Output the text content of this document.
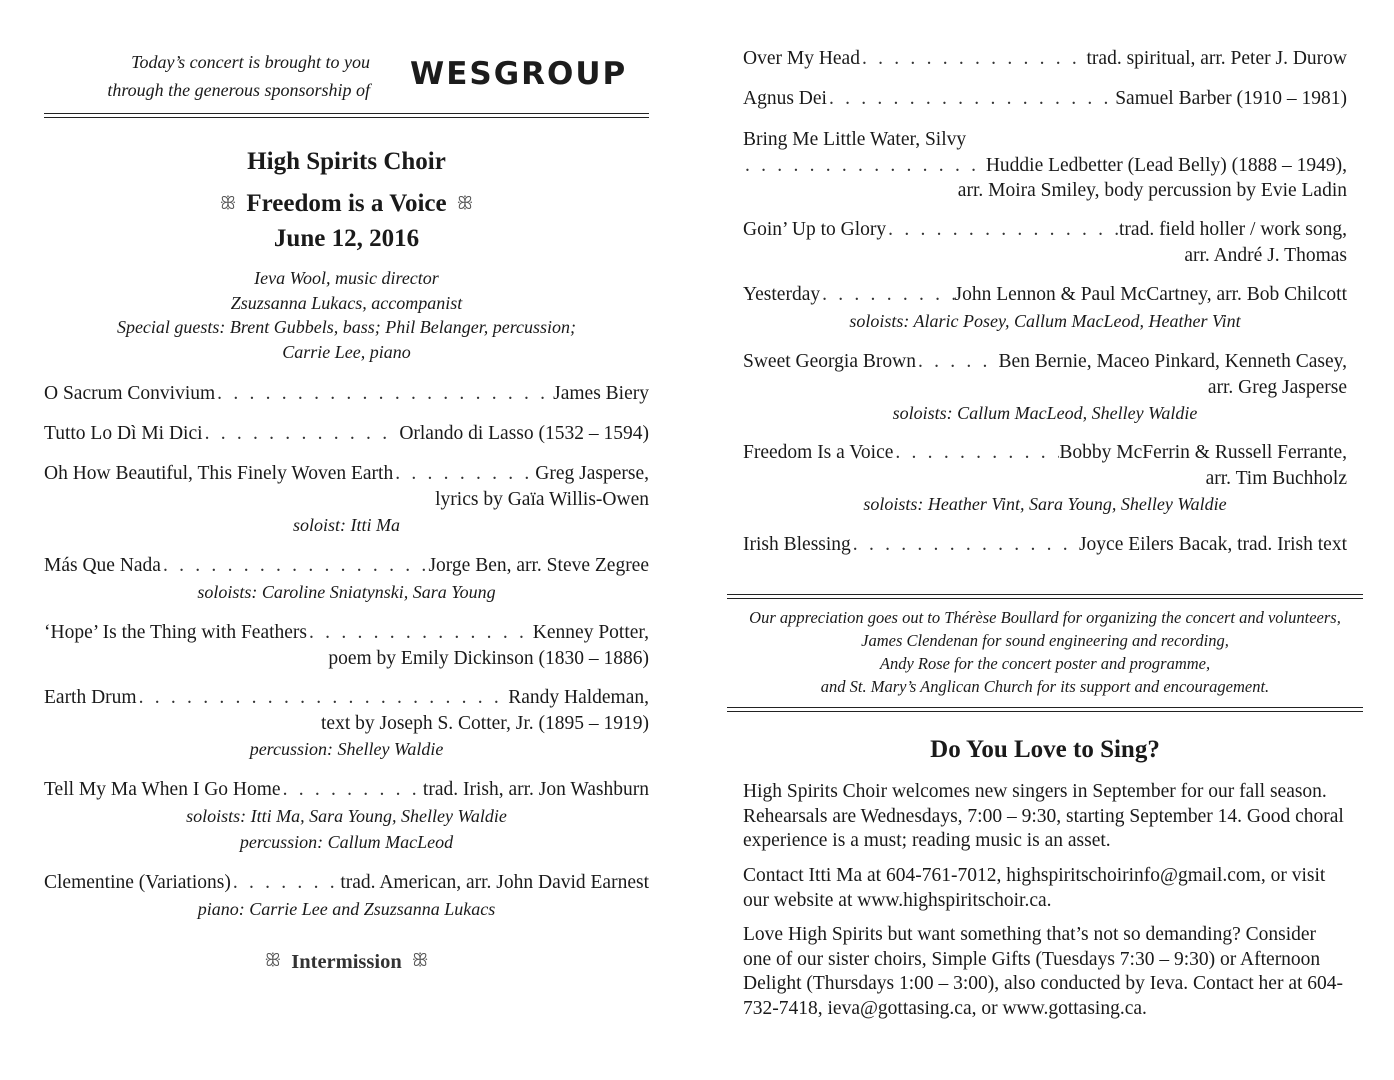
Today’s concert is brought to you
through the generous sponsorship of WESGROUP
High Spirits Choir
ꕥ Freedom is a Voice ꕥ
June 12, 2016
Ieva Wool, music director
Zsuzsanna Lukacs, accompanist
Special guests: Brent Gubbels, bass; Phil Belanger, percussion;
Carrie Lee, piano
O Sacrum Convivium . . .	James Biery
Tutto Lo Dì Mi Dici . . .	Orlando di Lasso (1532 – 1594)
Oh How Beautiful, This Finely Woven Earth . . .	Greg Jasperse,
lyrics by Gaïa Willis-Owen
soloist: Itti Ma
Más Que Nada . . .	Jorge Ben, arr. Steve Zegree
soloists: Caroline Sniatynski, Sara Young
‘Hope’ Is the Thing with Feathers . . .	Kenney Potter,
poem by Emily Dickinson (1830 – 1886)
Earth Drum . . .	Randy Haldeman,
text by Joseph S. Cotter, Jr. (1895 – 1919)
percussion: Shelley Waldie
Tell My Ma When I Go Home . . .	trad. Irish, arr. Jon Washburn
soloists: Itti Ma, Sara Young, Shelley Waldie
percussion: Callum MacLeod
Clementine (Variations) . . .	trad. American, arr. John David Earnest
piano: Carrie Lee and Zsuzsanna Lukacs
ꕥ Intermission ꕥ
Over My Head . . .	trad. spiritual, arr. Peter J. Durow
Agnus Dei . . .	Samuel Barber (1910 – 1981)
Bring Me Little Water, Silvy
. . .
Huddie Ledbetter (Lead Belly) (1888 – 1949),
arr. Moira Smiley, body percussion by Evie Ladin
Goin’ Up to Glory . . .	trad. field holler / work song,
arr. André J. Thomas
Yesterday . . .	John Lennon & Paul McCartney, arr. Bob Chilcott
soloists: Alaric Posey, Callum MacLeod, Heather Vint
Sweet Georgia Brown . . .	Ben Bernie, Maceo Pinkard, Kenneth Casey,
arr. Greg Jasperse
soloists: Callum MacLeod, Shelley Waldie
Freedom Is a Voice . . .	Bobby McFerrin & Russell Ferrante,
arr. Tim Buchholz
soloists: Heather Vint, Sara Young, Shelley Waldie
Irish Blessing . . .	Joyce Eilers Bacak, trad. Irish text
Our appreciation goes out to Thérèse Boullard for organizing the concert and volunteers,
James Clendenan for sound engineering and recording,
Andy Rose for the concert poster and programme,
and St. Mary’s Anglican Church for its support and encouragement.
Do You Love to Sing?
High Spirits Choir welcomes new singers in September for our fall season. Rehearsals are Wednesdays, 7:00 – 9:30, starting September 14. Good choral experience is a must; reading music is an asset.
Contact Itti Ma at 604-761-7012, highspiritschoirinfo@gmail.com, or visit our website at www.highspiritschoir.ca.
Love High Spirits but want something that’s not so demanding? Consider one of our sister choirs, Simple Gifts (Tuesdays 7:30 – 9:30) or Afternoon Delight (Thursdays 1:00 – 3:00), also conducted by Ieva. Contact her at 604-732-7418, ieva@gottasing.ca, or www.gottasing.ca.
